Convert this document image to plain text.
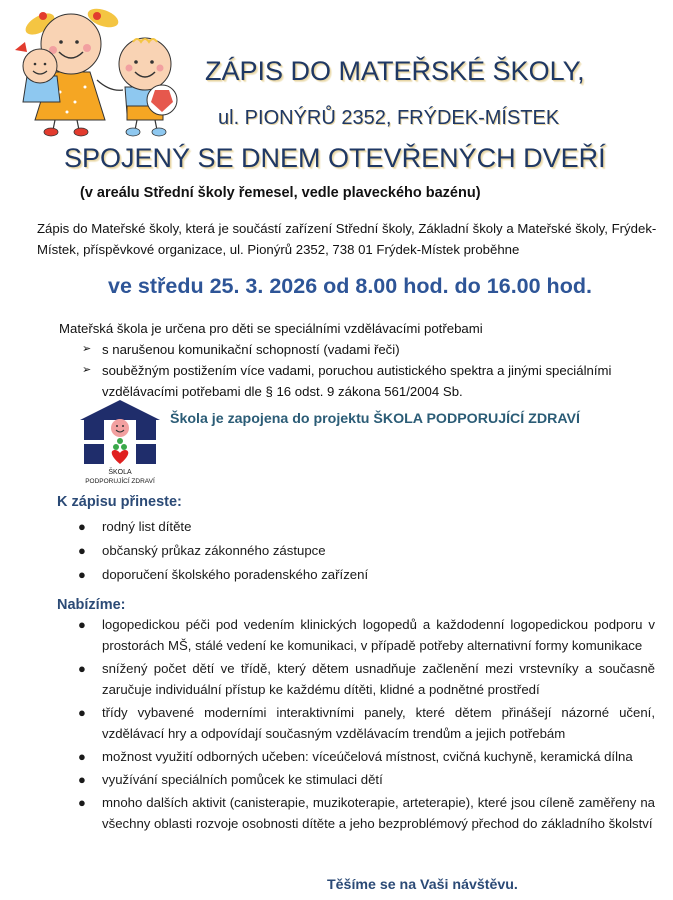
ZÁPIS DO MATEŘSKÉ ŠKOLY,
ul. PIONÝRŮ 2352, FRÝDEK-MÍSTEK
SPOJENÝ SE DNEM OTEVŘENÝCH DVEŘÍ
(v areálu Střední školy řemesel, vedle plaveckého bazénu)
Zápis do Mateřské školy, která je součástí zařízení Střední školy, Základní školy a Mateřské školy, Frýdek-Místek, příspěvkové organizace, ul. Pionýrů 2352, 738 01 Frýdek-Místek proběhne
ve středu 25. 3. 2026 od 8.00 hod. do 16.00 hod.
Mateřská škola je určena pro děti se speciálními vzdělávacími potřebami
➢ s narušenou komunikační schopností (vadami řeči)
➢ souběžným postižením více vadami, poruchou autistického spektra a jinými speciálními vzdělávacími potřebami dle § 16 odst. 9 zákona 561/2004 Sb.
ŠKOLA
PODPORUJÍCÍ ZDRAVÍ
Škola je zapojena do projektu ŠKOLA PODPORUJÍCÍ ZDRAVÍ
K zápisu přineste:
● rodný list dítěte
● občanský průkaz zákonného zástupce
● doporučení školského poradenského zařízení
Nabízíme:
● logopedickou péči pod vedením klinických logopedů a každodenní logopedickou podporu v prostorách MŠ, stálé vedení ke komunikaci, v případě potřeby alternativní formy komunikace
● snížený počet dětí ve třídě, který dětem usnadňuje začlenění mezi vrstevníky a současně zaručuje individuální přístup ke každému dítěti, klidné a podnětné prostředí
● třídy vybavené moderními interaktivními panely, které dětem přinášejí názorné učení, vzdělávací hry a odpovídají současným vzdělávacím trendům a jejich potřebám
● možnost využití odborných učeben: víceúčelová místnost, cvičná kuchyně, keramická dílna
● využívání speciálních pomůcek ke stimulaci dětí
● mnoho dalších aktivit (canisterapie, muzikoterapie, arteterapie), které jsou cíleně zaměřeny na všechny oblasti rozvoje osobnosti dítěte a jeho bezproblémový přechod do základního školství
Těšíme se na Vaši návštěvu.
